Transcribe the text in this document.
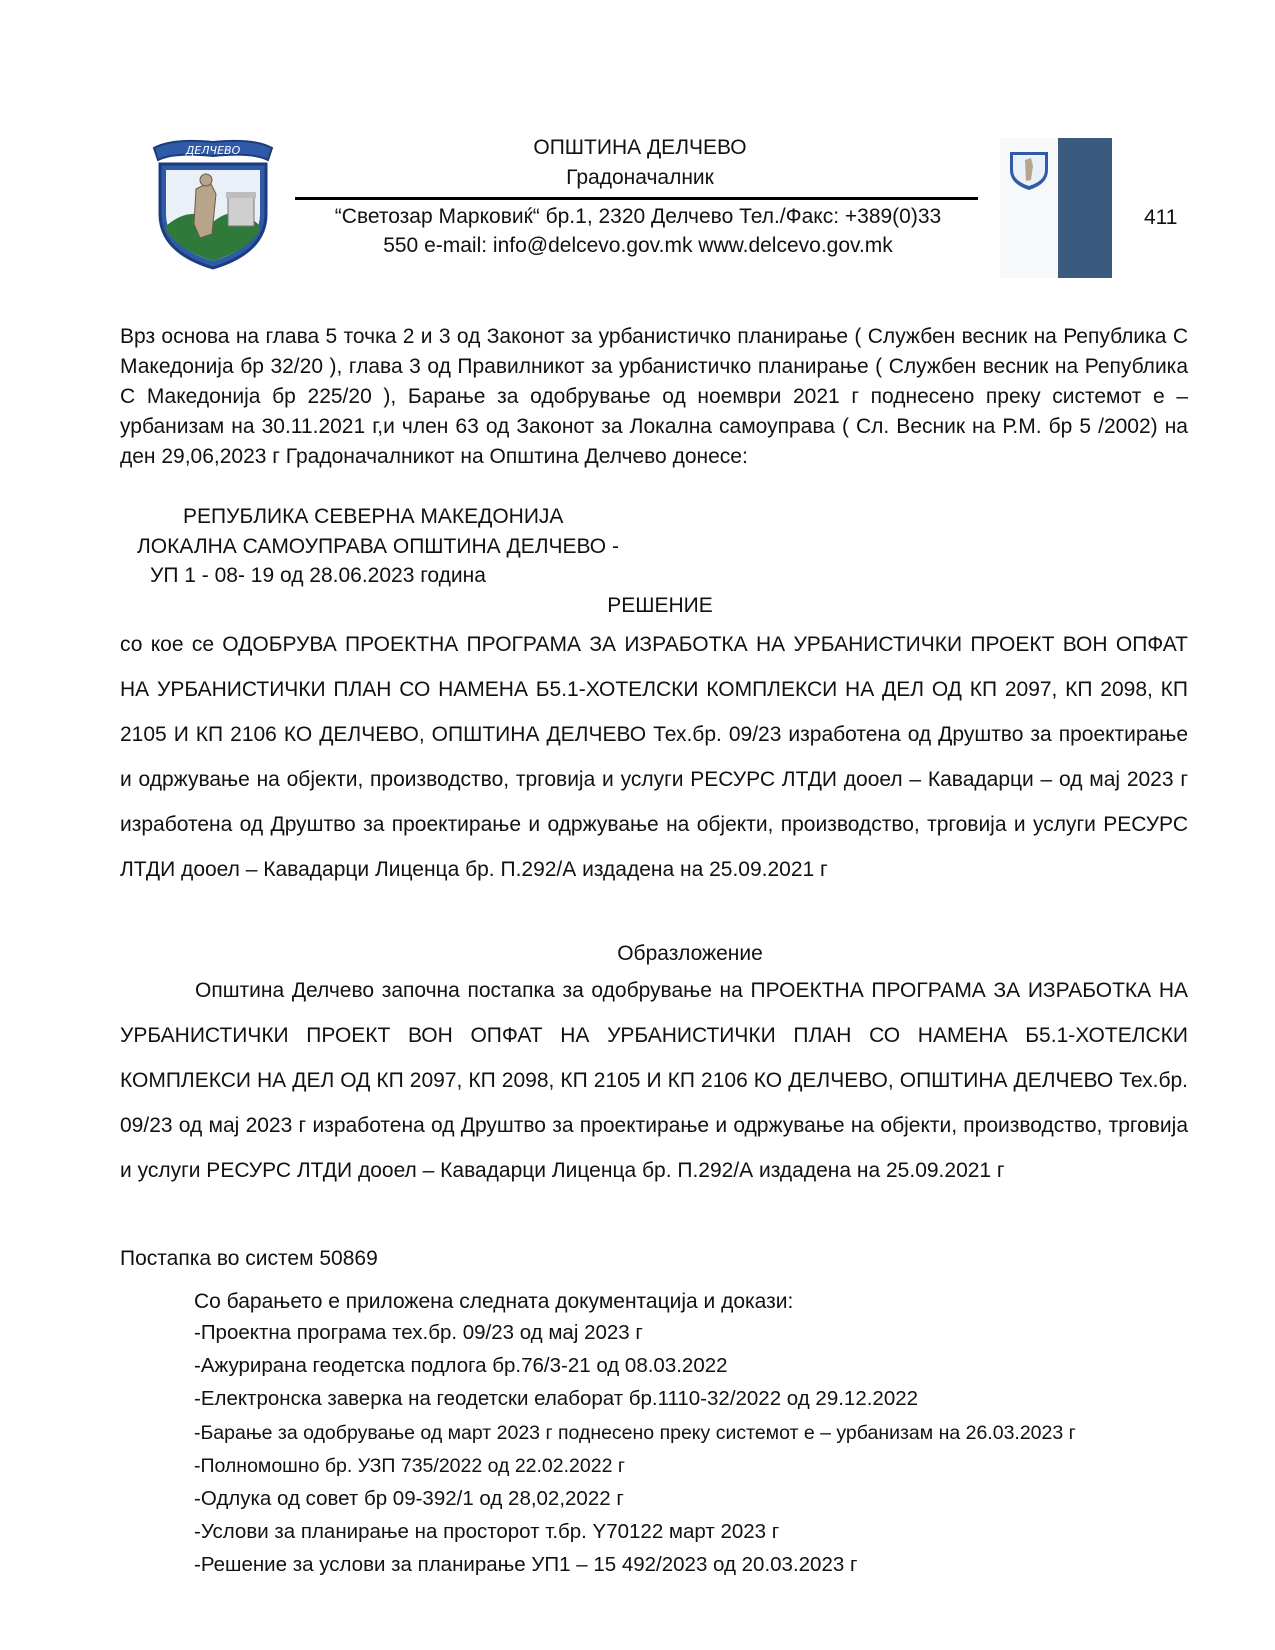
ДЕЛЧЕВО	ОПШТИНА ДЕЛЧЕВО
Градоначалник
“Светозар Марковиќ“ бр.1, 2320 Делчево Тел./Факс: +389(0)33
550 e-mail: info@delcevo.gov.mk www.delcevo.gov.mk
411
Врз основа на глава 5 точка 2 и 3 од Законот за урбанистичко планирање ( Службен весник на Република С Македонија бр 32/20 ), глава 3 од Правилникот за урбанистичко планирање ( Службен весник на Република С Македонија бр 225/20 ), Барање за одобрување од ноември 2021 г поднесено преку системот е – урбанизам на 30.11.2021 г,и член 63 од Законот за Локална самоуправа ( Сл. Весник на Р.М. бр 5 /2002) на ден 29,06,2023 г Градоначалникот на Општина Делчево донесе:
РЕПУБЛИКА СЕВЕРНА МАКЕДОНИЈА
ЛОКАЛНА САМОУПРАВА ОПШТИНА ДЕЛЧЕВО -
УП 1 - 08- 19 од 28.06.2023 година
РЕШЕНИЕ
со кое се ОДОБРУВА ПРОЕКТНА ПРОГРАМА ЗА ИЗРАБОТКА НА УРБАНИСТИЧКИ ПРОЕКТ ВОН ОПФАТ НА УРБАНИСТИЧКИ ПЛАН СО НАМЕНА Б5.1-ХОТЕЛСКИ КОМПЛЕКСИ НА ДЕЛ ОД КП 2097, КП 2098, КП 2105 И КП 2106 КО ДЕЛЧЕВО, ОПШТИНА ДЕЛЧЕВО Тех.бр. 09/23 изработена од Друштво за проектирање и одржување на објекти, производство, трговија и услуги РЕСУРС ЛТДИ дооел – Кавадарци – од мај 2023 г изработена од Друштво за проектирање и одржување на објекти, производство, трговија и услуги РЕСУРС ЛТДИ дооел – Кавадарци Лиценца бр. П.292/А издадена на 25.09.2021 г
Образложение
Општина Делчево започна постапка за одобрување на ПРОЕКТНА ПРОГРАМА ЗА ИЗРАБОТКА НА УРБАНИСТИЧКИ ПРОЕКТ ВОН ОПФАТ НА УРБАНИСТИЧКИ ПЛАН СО НАМЕНА Б5.1-ХОТЕЛСКИ КОМПЛЕКСИ НА ДЕЛ ОД КП 2097, КП 2098, КП 2105 И КП 2106 КО ДЕЛЧЕВО, ОПШТИНА ДЕЛЧЕВО Тех.бр. 09/23 од мај 2023 г изработена од Друштво за проектирање и одржување на објекти, производство, трговија и услуги РЕСУРС ЛТДИ дооел – Кавадарци Лиценца бр. П.292/А издадена на 25.09.2021 г
Постапка во систем 50869
Со барањето е приложена следната документација и докази:
-Проектна програма тех.бр. 09/23 од мај 2023 г
-Ажурирана геодетска подлога бр.76/3-21 од 08.03.2022
-Електронска заверка на геодетски елаборат бр.1110-32/2022 од 29.12.2022
-Барање за одобрување од март 2023 г поднесено преку системот е – урбанизам на 26.03.2023 г
-Полномошно бр. УЗП 735/2022 од 22.02.2022 г
-Одлука од совет бр 09-392/1 од 28,02,2022 г
-Услови за планирање на просторот т.бр. Y70122 март 2023 г
-Решение за услови за планирање УП1 – 15 492/2023 од 20.03.2023 г
